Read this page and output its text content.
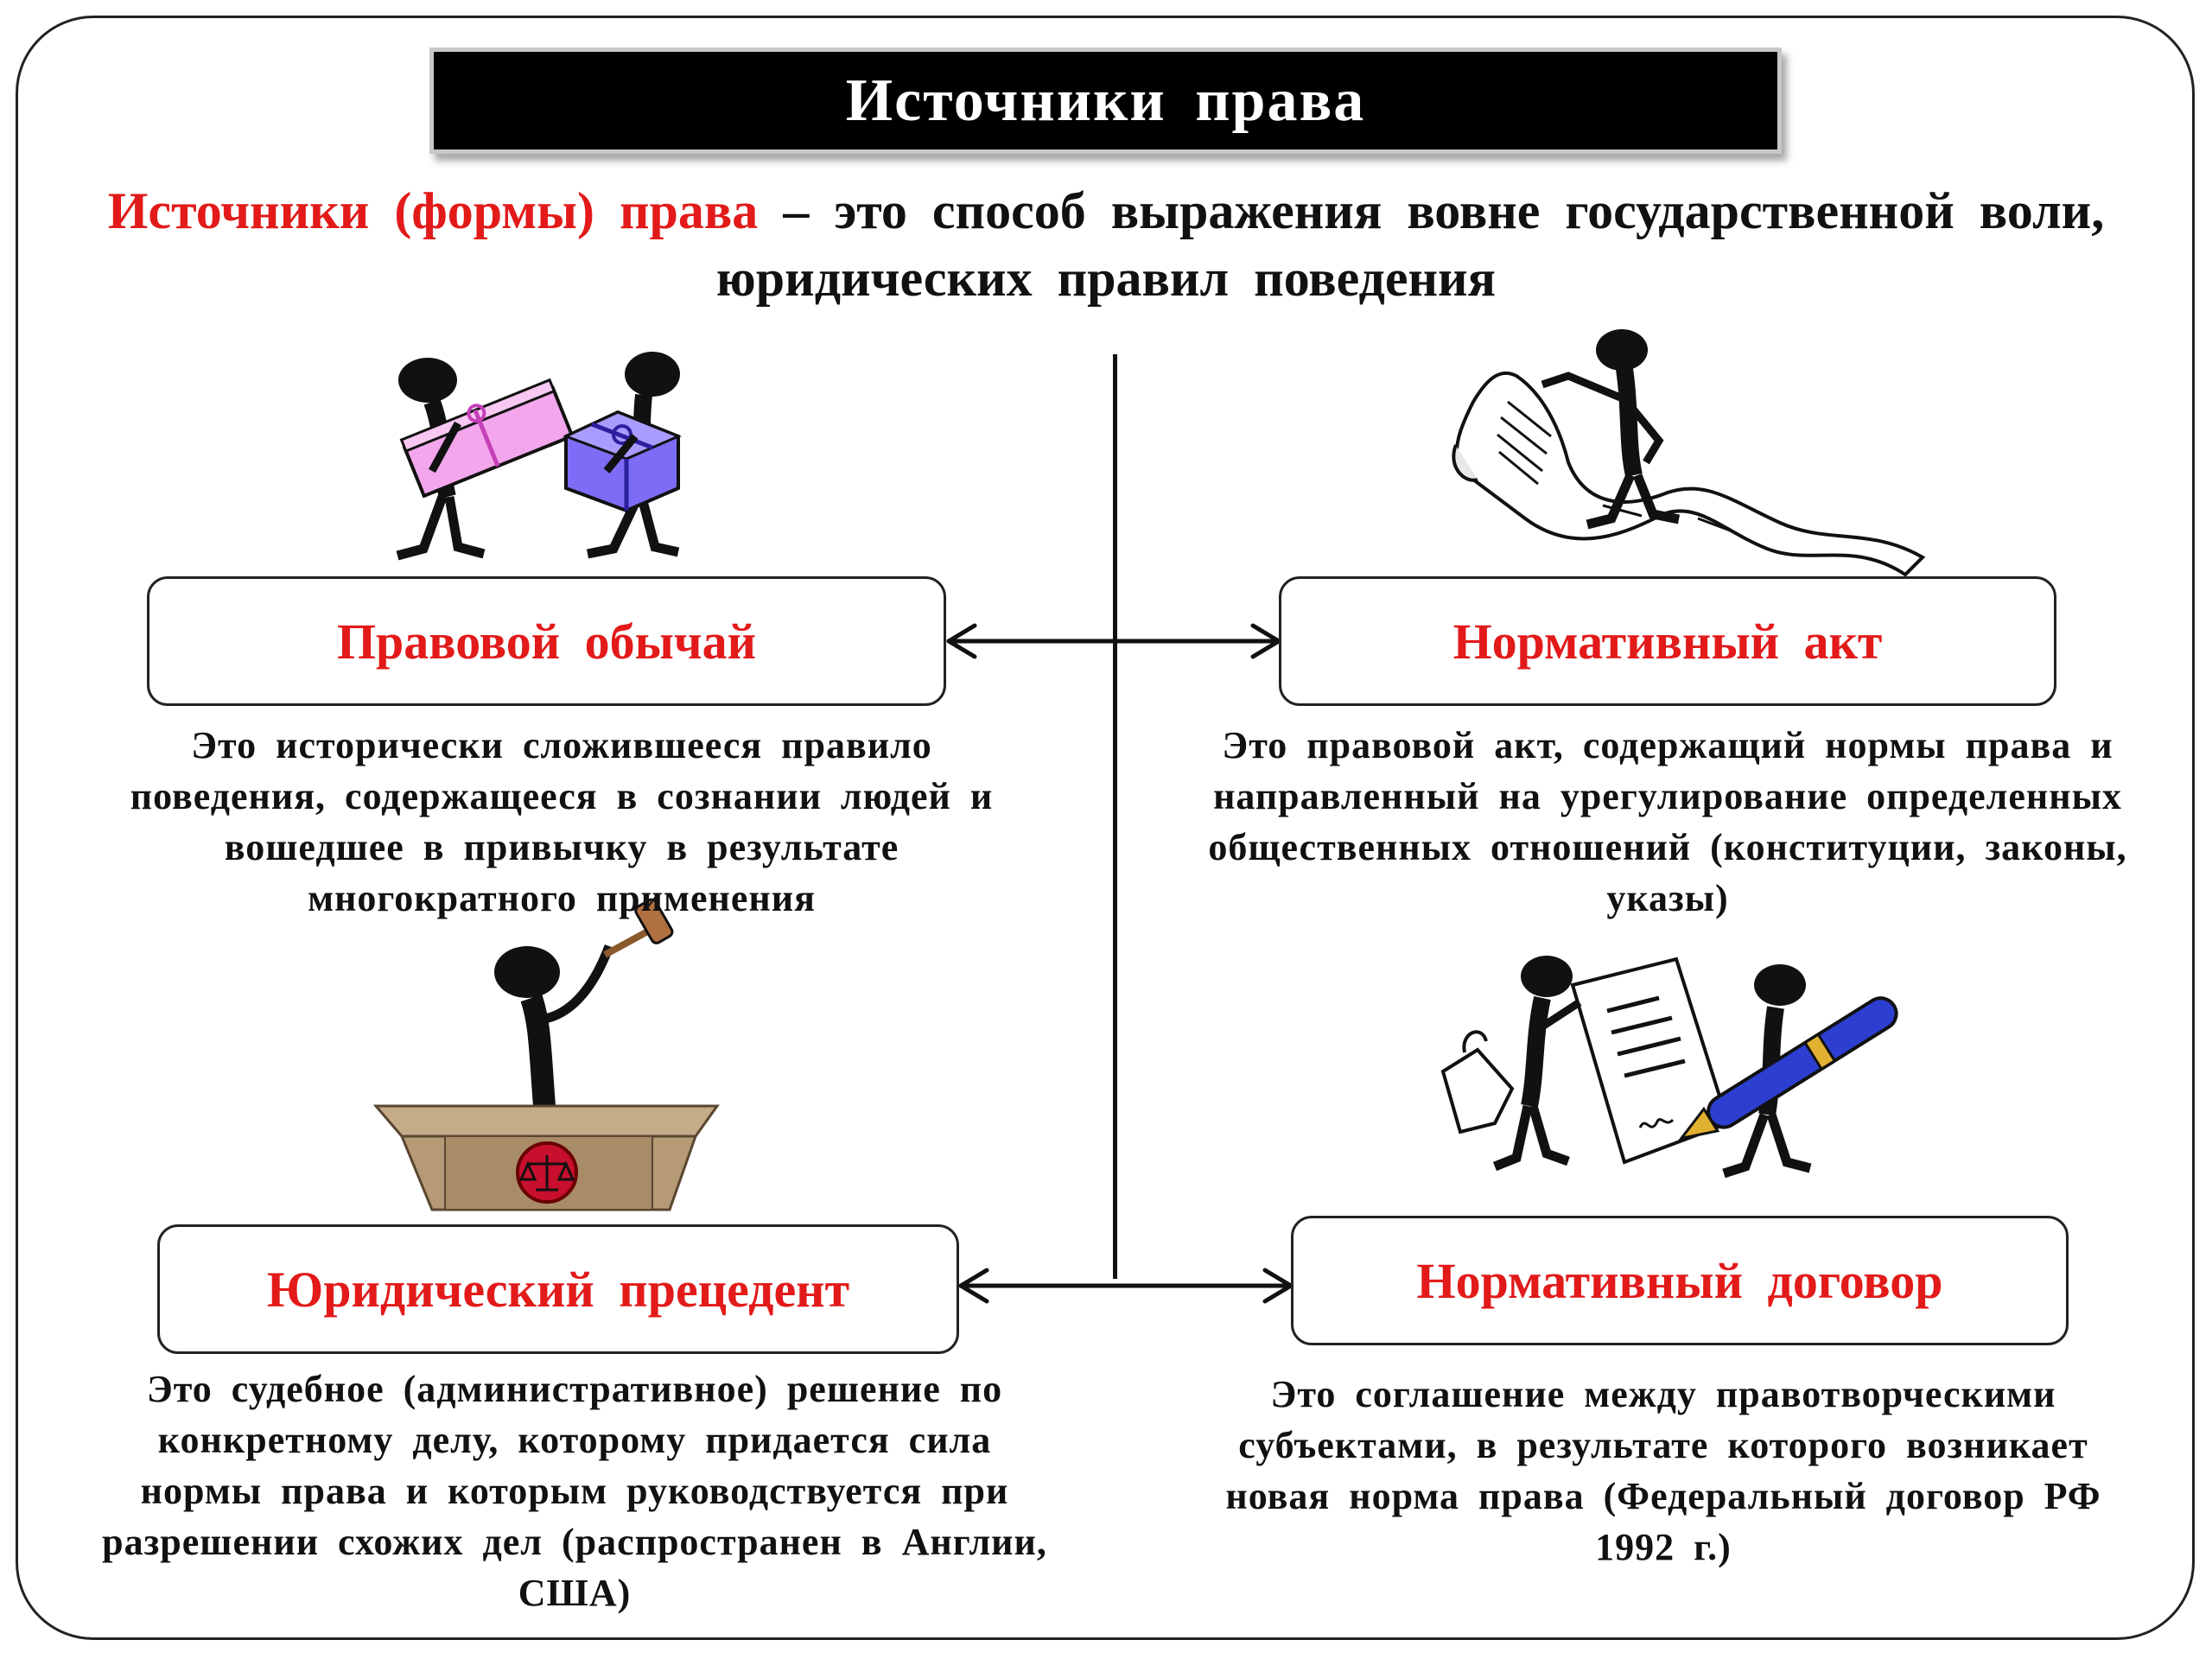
Источники права
Источники (формы) права – это способ выражения вовне государственной воли, юридических правил поведения
Правовой обычай	Нормативный акт
Юридический прецедент	Нормативный договор
Это исторически сложившееся правило поведения, содержащееся в сознании людей и вошедшее в привычку в результате многократного применения
Это правовой акт, содержащий нормы права и направленный на урегулирование определенных общественных отношений (конституции, законы, указы)
Это судебное (административное) решение по конкретному делу, которому придается сила нормы права и которым руководствуется при разрешении схожих дел (распространен в Англии, США)
Это соглашение между правотворческими субъектами, в результате которого возникает новая норма права (Федеральный договор РФ 1992 г.)
